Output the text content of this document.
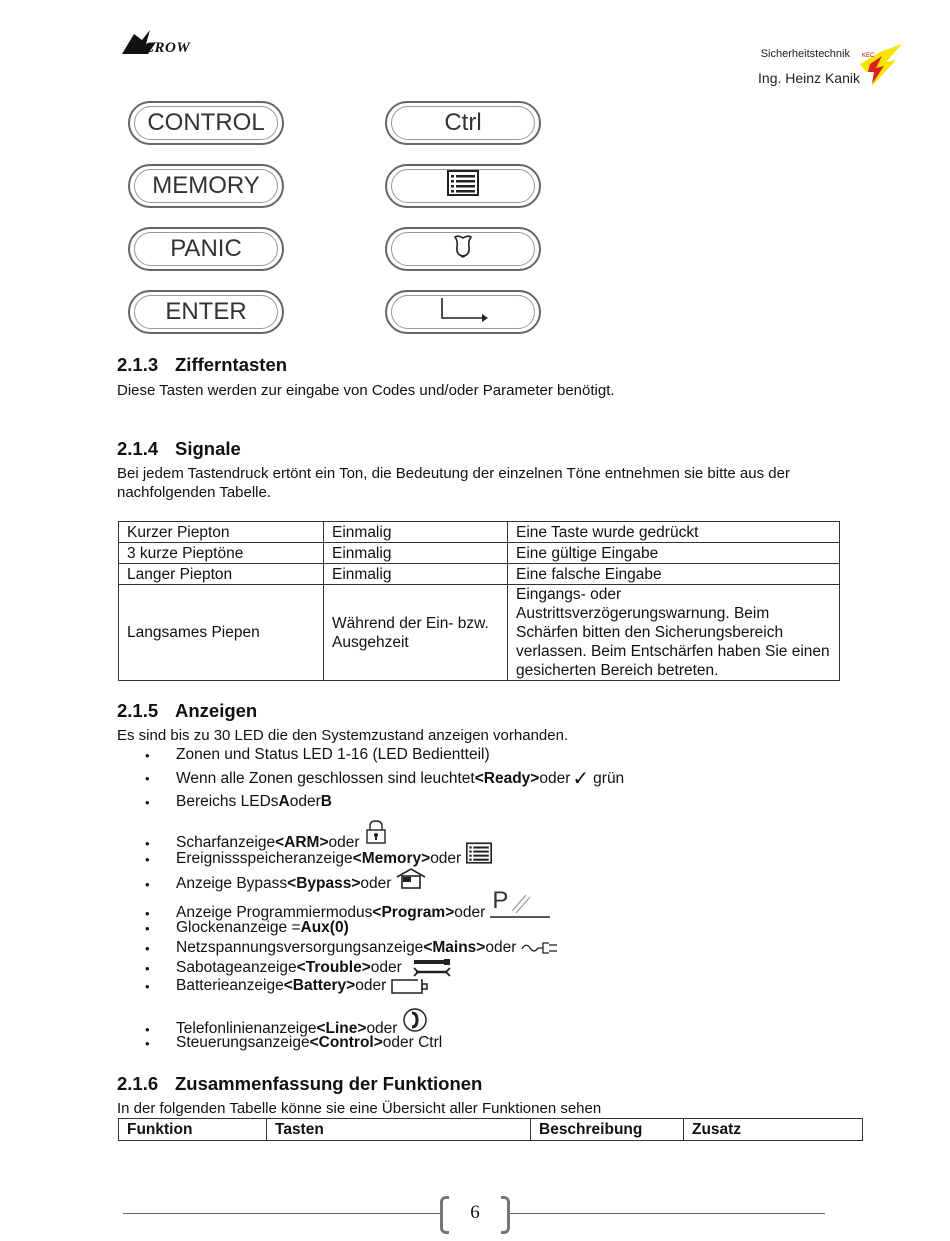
CROW	Sicherheitstechnik
Ing. Heinz Kanik
KEC
CONTROL	Ctrl
MEMORY
PANIC
ENTER
2.1.3 Zifferntasten
Diese Tasten werden zur eingabe von Codes und/oder Parameter benötigt.
2.1.4 Signale
Bei jedem Tastendruck ertönt ein Ton, die Bedeutung der einzelnen Töne entnehmen sie bitte aus der nachfolgenden Tabelle.
Kurzer Piepton	Einmalig	Eine Taste wurde gedrückt
3 kurze Pieptöne	Einmalig	Eine gültige Eingabe
Langer Piepton	Einmalig	Eine falsche Eingabe
Langsames Piepen	Während der Ein- bzw. Ausgehzeit	Eingangs- oder Austrittsverzögerungswarnung. Beim Schärfen bitten den Sicherungsbereich verlassen. Beim Entschärfen haben Sie einen gesicherten Bereich betreten.
2.1.5 Anzeigen
Es sind bis zu 30 LED die den Systemzustand anzeigen vorhanden.
•	Zonen und Status LED 1-16 (LED Bedientteil)
•	Wenn alle Zonen geschlossen sind leuchtet <Ready> oder ✓ grün
•	Bereichs LEDs A oder B
•	Scharfanzeige <ARM> oder
•	Ereignissspeicheranzeige <Memory> oder
•	Anzeige Bypass <Bypass> oder
•	Anzeige Programmiermodus <Program> oder P
•	Glockenanzeige = Aux(0)
•	Netzspannungsversorgungsanzeige <Mains> oder
•	Sabotageanzeige <Trouble> oder
•	Batterieanzeige <Battery> oder
•	Telefonlinienanzeige <Line> oder
•	Steuerungsanzeige <Control> oder Ctrl
2.1.6 Zusammenfassung der Funktionen
In der folgenden Tabelle könne sie eine Übersicht aller Funktionen sehen
Funktion	Tasten	Beschreibung	Zusatz
6
